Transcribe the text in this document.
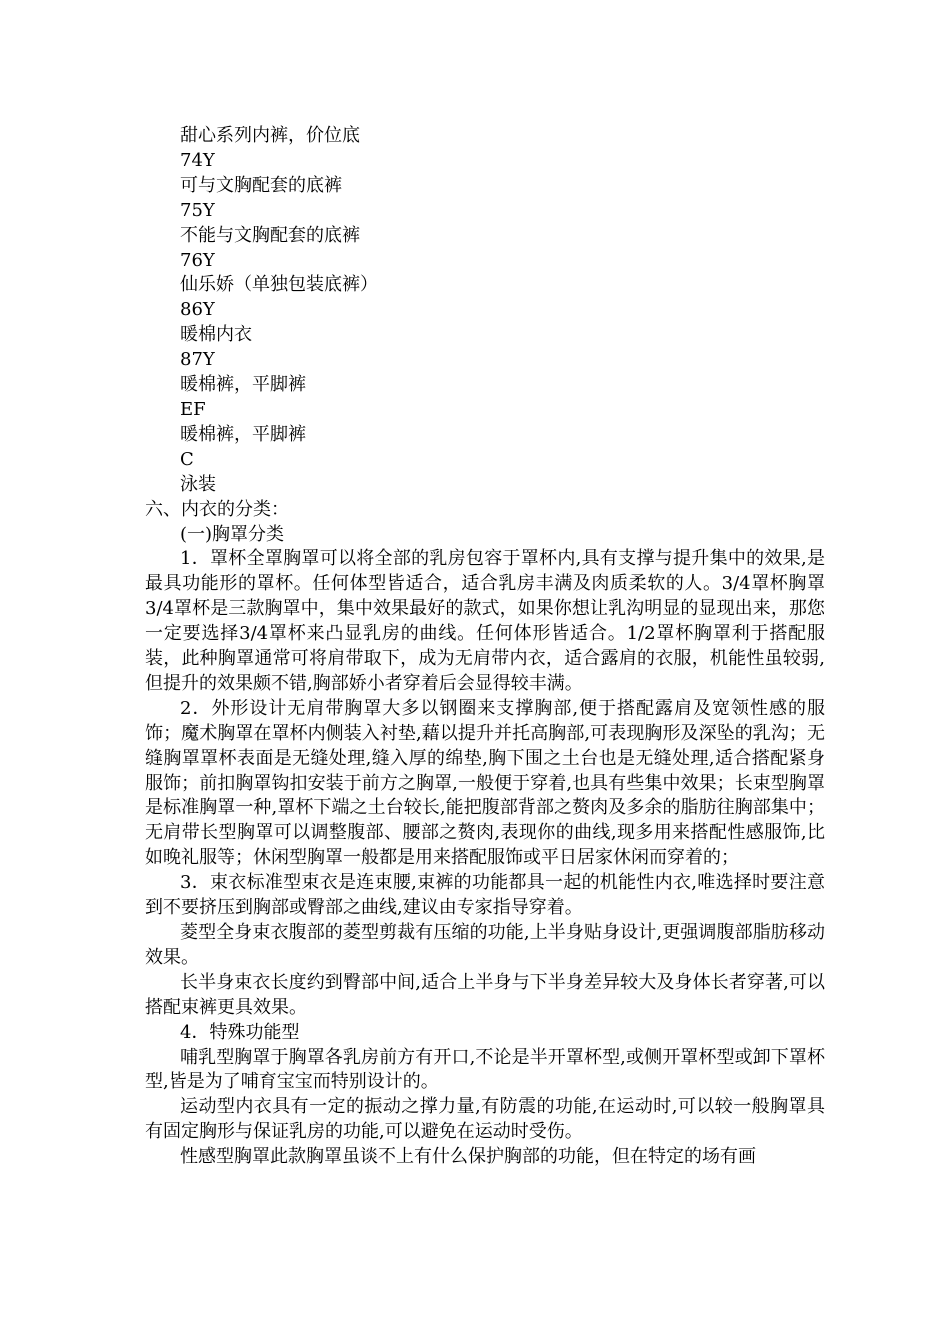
甜心系列内裤，价位底
74Y
可与文胸配套的底裤
75Y
不能与文胸配套的底裤
76Y
仙乐娇（单独包装底裤）
86Y
暖棉内衣
87Y
暖棉裤，平脚裤
EF
暖棉裤，平脚裤
C
泳装
六、内衣的分类：
(一)胸罩分类
1．罩杯全罩胸罩可以将全部的乳房包容于罩杯内,具有支撑与提升集中的效果,是最具功能形的罩杯。任何体型皆适合，适合乳房丰满及肉质柔软的人。3/4罩杯胸罩 3/4罩杯是三款胸罩中，集中效果最好的款式，如果你想让乳沟明显的显现出来，那您一定要选择3/4罩杯来凸显乳房的曲线。任何体形皆适合。1/2罩杯胸罩利于搭配服装，此种胸罩通常可将肩带取下，成为无肩带内衣，适合露肩的衣服，机能性虽较弱,但提升的效果颇不错,胸部娇小者穿着后会显得较丰满。
2．外形设计无肩带胸罩大多以钢圈来支撑胸部,便于搭配露肩及宽领性感的服饰；魔术胸罩在罩杯内侧装入衬垫,藉以提升并托高胸部,可表现胸形及深坠的乳沟；无缝胸罩罩杯表面是无缝处理,缝入厚的绵垫,胸下围之土台也是无缝处理,适合搭配紧身服饰；前扣胸罩钩扣安装于前方之胸罩,一般便于穿着,也具有些集中效果；长束型胸罩是标准胸罩一种,罩杯下端之土台较长,能把腹部背部之赘肉及多余的脂肪往胸部集中；无肩带长型胸罩可以调整腹部、腰部之赘肉,表现你的曲线,现多用来搭配性感服饰,比如晚礼服等；休闲型胸罩一般都是用来搭配服饰或平日居家休闲而穿着的；
3．束衣标准型束衣是连束腰,束裤的功能都具一起的机能性内衣,唯选择时要注意到不要挤压到胸部或臀部之曲线,建议由专家指导穿着。
菱型全身束衣腹部的菱型剪裁有压缩的功能,上半身贴身设计,更强调腹部脂肪移动效果。
长半身束衣长度约到臀部中间,适合上半身与下半身差异较大及身体长者穿著,可以搭配束裤更具效果。
4．特殊功能型
哺乳型胸罩于胸罩各乳房前方有开口,不论是半开罩杯型,或侧开罩杯型或卸下罩杯型,皆是为了哺育宝宝而特别设计的。
运动型内衣具有一定的振动之撑力量,有防震的功能,在运动时,可以较一般胸罩具有固定胸形与保证乳房的功能,可以避免在运动时受伤。
性感型胸罩此款胸罩虽谈不上有什么保护胸部的功能，但在特定的场有画
